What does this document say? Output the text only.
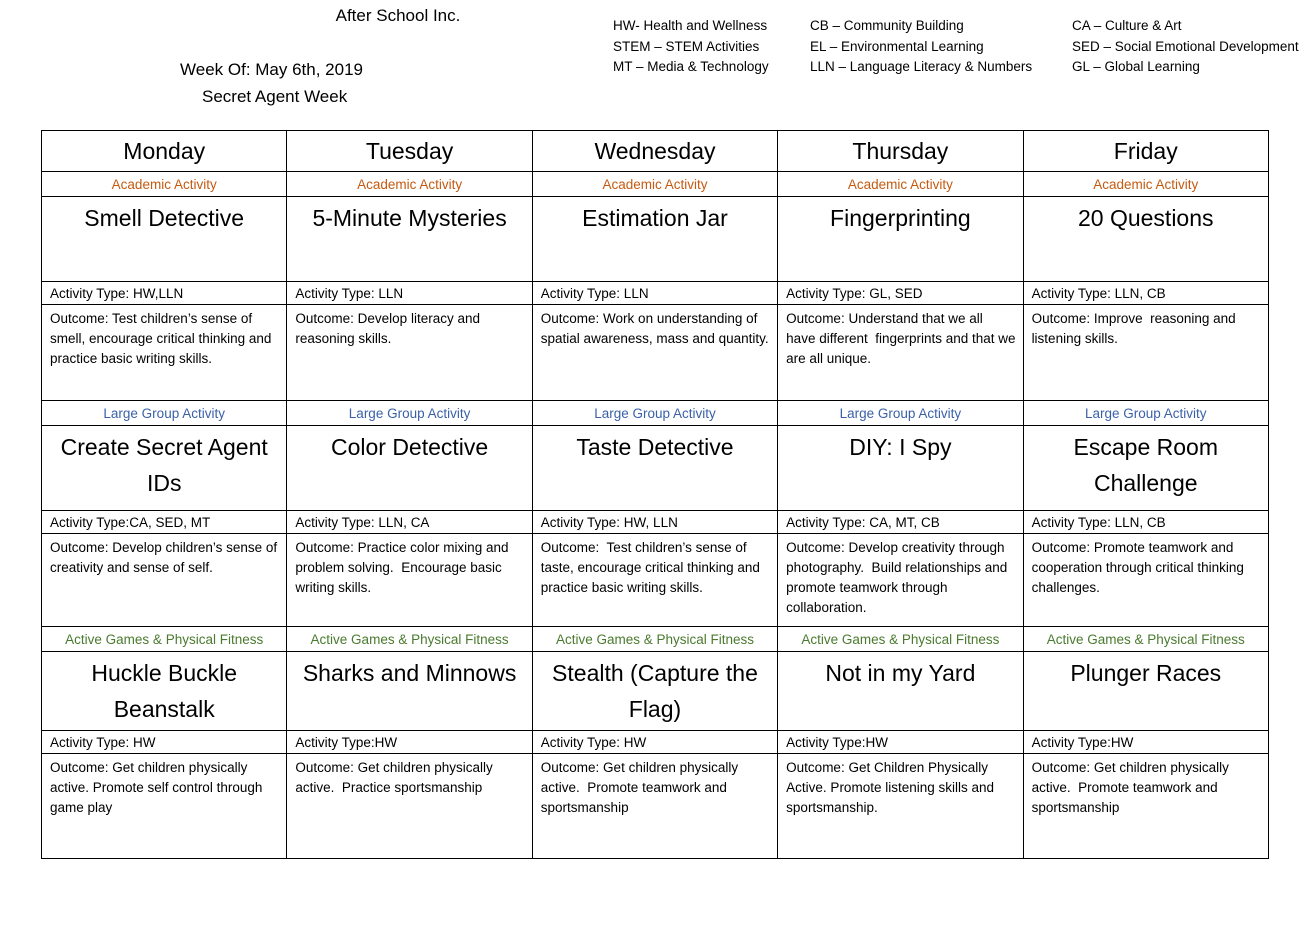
After School Inc.
Week Of: May 6th, 2019
Secret Agent Week
HW- Health and Wellness
STEM – STEM Activities
MT – Media & Technology
CB – Community Building
EL – Environmental Learning
LLN – Language Literacy & Numbers
CA – Culture & Art
SED – Social Emotional Development
GL – Global Learning
Monday	Tuesday	Wednesday	Thursday	Friday

Academic Activity	Academic Activity	Academic Activity	Academic Activity	Academic Activity

Smell Detective	5-Minute Mysteries	Estimation Jar	Fingerprinting	20 Questions

Activity Type: HW,LLN	Activity Type: LLN	Activity Type: LLN	Activity Type: GL, SED	Activity Type: LLN, CB

Outcome: Test children’s sense of smell, encourage critical thinking and practice basic writing skills.	Outcome: Develop literacy and reasoning skills.	Outcome: Work on understanding of spatial awareness, mass and quantity.	Outcome: Understand that we all have different  fingerprints and that we are all unique.	Outcome: Improve  reasoning and listening skills.

Large Group Activity	Large Group Activity	Large Group Activity	Large Group Activity	Large Group Activity

Create Secret Agent IDs	Color Detective	Taste Detective	DIY: I Spy	Escape Room Challenge

Activity Type:CA, SED, MT	Activity Type: LLN, CA	Activity Type: HW, LLN	Activity Type: CA, MT, CB	Activity Type: LLN, CB

Outcome: Develop children’s sense of creativity and sense of self.	Outcome: Practice color mixing and problem solving.  Encourage basic writing skills.	Outcome:  Test children’s sense of taste, encourage critical thinking and practice basic writing skills.	Outcome: Develop creativity through photography.  Build relationships and promote teamwork through collaboration.	Outcome: Promote teamwork and cooperation through critical thinking challenges.

Active Games & Physical Fitness	Active Games & Physical Fitness	Active Games & Physical Fitness	Active Games & Physical Fitness	Active Games & Physical Fitness

Huckle Buckle Beanstalk	Sharks and Minnows	Stealth (Capture the Flag)	Not in my Yard	Plunger Races

Activity Type: HW	Activity Type:HW	Activity Type: HW	Activity Type:HW	Activity Type:HW

Outcome: Get children physically active. Promote self control through game play	Outcome: Get children physically active.  Practice sportsmanship	Outcome: Get children physically active.  Promote teamwork and sportsmanship	Outcome: Get Children Physically Active. Promote listening skills and sportsmanship.	Outcome: Get children physically active.  Promote teamwork and sportsmanship
